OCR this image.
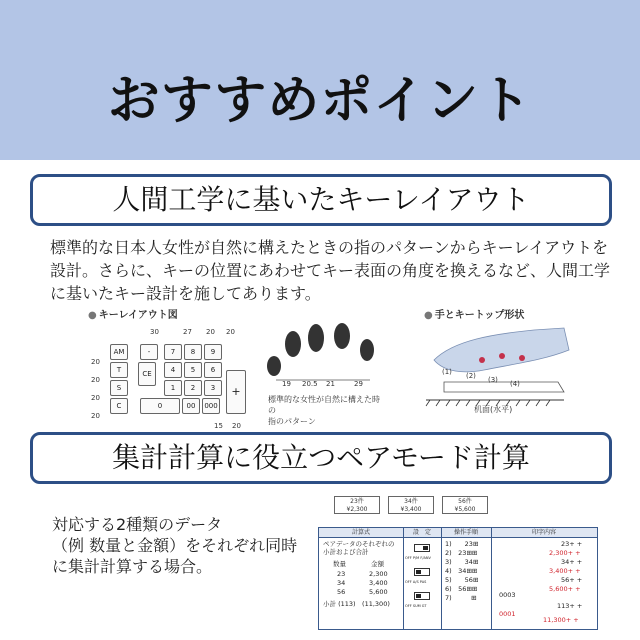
おすすめポイント
人間工学に基いたキーレイアウト

標準的な日本人女性が自然に構えたときの指のパターンからキーレイアウトを設計。さらに、キーの位置にあわせてキー表面の角度を換えるなど、人間工学に基いたキー設計を施してあります。

● キーレイアウト図
30	27 20 20
20
20
20
20
AM
T
S
C
-
CE
7	8	9
4	5	6
1	2	3
0	00	000
+
15 20
19 20.5 21	29
標準的な女性が自然に構えた時の
指のパターン
● 手とキートップ形状
(1) (2) (3) (4)
机面(水平)
集計計算に役立つペアモード計算
対応する2種類のデータ
（例 数量と金額）をそれぞれ同時
に集計計算する場合。
23件
¥2,300
34件
¥3,400
56件
¥5,600
計算式	設　定	操作手順	印字内容
ペアデータのそれぞれの
小計および合計
数量	金額
23	2,300
34	3,400
56	5,600
小計 (113)　(11,300)
OFF P/M F/ANV
OFF A/S PAS
OFF SUM GT
1)　　23⊞
2)　23⊞⊞
3)　　34⊞
4)　34⊞⊞
5)　　56⊞
6)　56⊞⊞
7)　　　⊞
23+ +
2,300+ +
34+ +
3,400+ +
56+ +
5,600+ +
0003
113+ +
0001
11,300+ +
